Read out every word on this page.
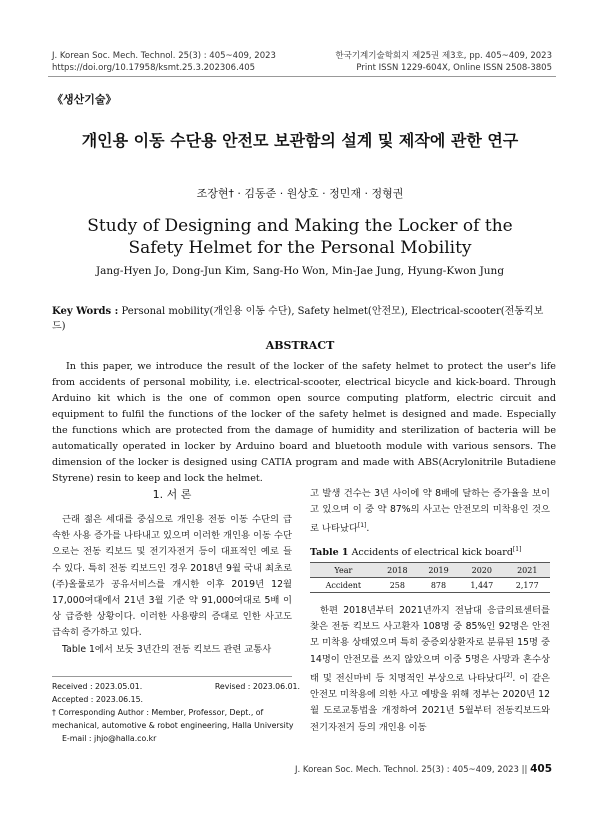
J. Korean Soc. Mech. Technol. 25(3) : 405~409, 2023
https://doi.org/10.17958/ksmt.25.3.202306.405
한국기계기술학회지 제25권 제3호, pp. 405~409, 2023
Print ISSN 1229-604X, Online ISSN 2508-3805
《생산기술》
개인용 이동 수단용 안전모 보관함의 설계 및 제작에 관한 연구
조장현† · 김동준 · 원상호 · 정민재 · 정형권
Study of Designing and Making the Locker of the Safety Helmet for the Personal Mobility
Jang-Hyen Jo, Dong-Jun Kim, Sang-Ho Won, Min-Jae Jung, Hyung-Kwon Jung
Key Words : Personal mobility(개인용 이동 수단), Safety helmet(안전모), Electrical-scooter(전동킥보드)
ABSTRACT
In this paper, we introduce the result of the locker of the safety helmet to protect the user's life from accidents of personal mobility, i.e. electrical-scooter, electrical bicycle and kick-board. Through Arduino kit which is the one of common open source computing platform, electric circuit and equipment to fulfil the functions of the locker of the safety helmet is designed and made. Especially the functions which are protected from the damage of humidity and sterilization of bacteria will be automatically operated in locker by Arduino board and bluetooth module with various sensors. The dimension of the locker is designed using CATIA program and made with ABS(Acrylonitrile Butadiene Styrene) resin to keep and lock the helmet.
1. 서 론
근래 젊은 세대를 중심으로 개인용 전동 이동 수단의 급속한 사용 증가를 나타내고 있으며 이러한 개인용 이동 수단으로는 전동 킥보드 및 전기자전거 등이 대표적인 예로 들 수 있다. 특히 전동 킥보드인 경우 2018년 9월 국내 최초로 (주)올룰로가 공유서비스를 개시한 이후 2019년 12월 17,000여대에서 21년 3월 기준 약 91,000여대로 5배 이상 급증한 상황이다. 이러한 사용량의 증대로 인한 사고도 급속히 증가하고 있다.
Table 1에서 보듯 3년간의 전동 킥보드 관련 교통사
Received : 2023.05.01.	Revised : 2023.06.01.
Accepted : 2023.06.15.
† Corresponding Author : Member, Professor, Dept., of mechanical, automotive & robot engineering, Halla University
E-mail : jhjo@halla.co.kr
고 발생 건수는 3년 사이에 약 8배에 달하는 증가율을 보이고 있으며 이 중 약 87%의 사고는 안전모의 미착용인 것으로 나타났다[1].
Table 1 Accidents of electrical kick board[1]
Year	2018	2019	2020	2021
Accident	258	878	1,447	2,177
한편 2018년부터 2021년까지 전남대 응급의료센터를 찾은 전동 킥보드 사고환자 108명 중 85%인 92명은 안전모 미착용 상태였으며 특히 중증외상환자로 분류된 15명 중 14명이 안전모를 쓰지 않았으며 이중 5명은 사망과 혼수상태 및 전신마비 등 치명적인 부상으로 나타났다[2]. 이 같은 안전모 미착용에 의한 사고 예방을 위해 정부는 2020년 12월 도로교통법을 개정하여 2021년 5월부터 전동킥보드와 전기자전거 등의 개인용 이동
J. Korean Soc. Mech. Technol. 25(3) : 405~409, 2023 || 405
